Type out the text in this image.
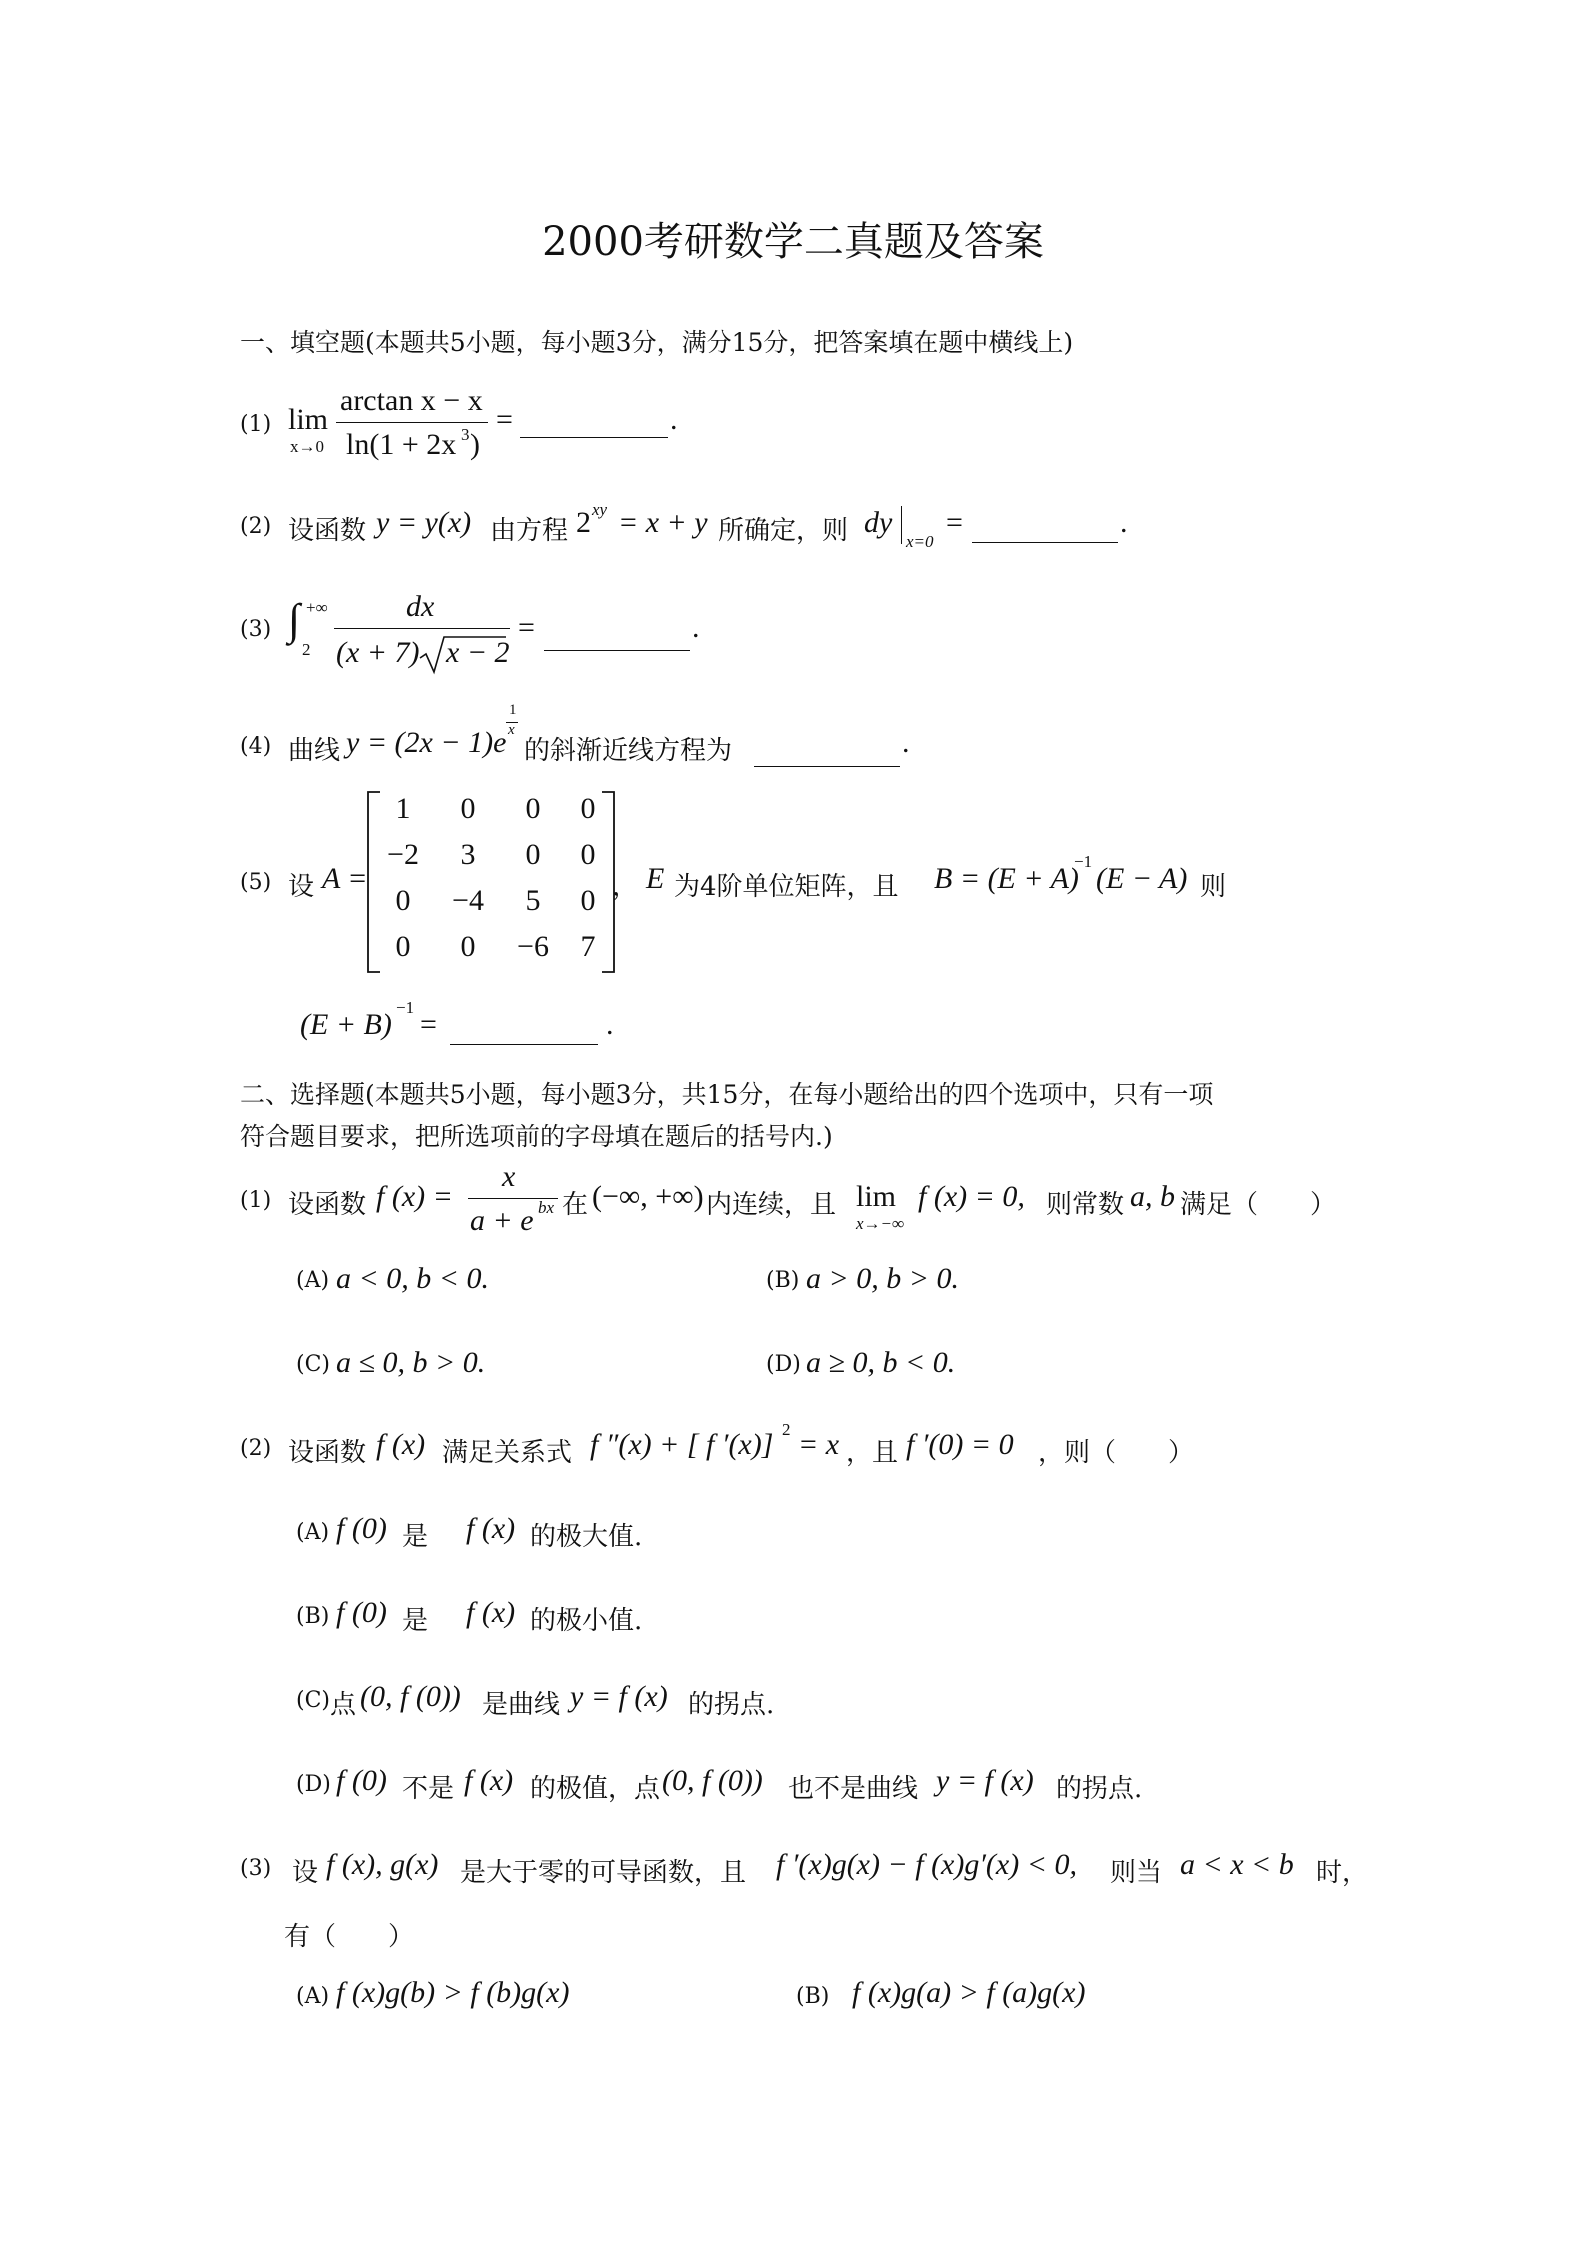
2000考研数学二真题及答案
一、填空题(本题共5小题，每小题3分，满分15分，把答案填在题中横线上)
(1) lim
x→0
arctan x − x
ln(1 + 2x 3 )
=	.
(2) 设函数 y = y(x) 由方程 2 xy = x + y 所确定，则 dy
x=0
=	.
(3) ∫ +∞
2
dx
(x + 7) x − 2
=	.
(4) 曲线 y = (2x − 1)e
1
x
的斜渐近线方程为	.
(5) 设 A =
1	0	0	0
−2	3	0	0
0	−4	5	0
0	0	−6	7
， E 为4阶单位矩阵，且 B = (E + A)
−1
(E − A) 则
(E + B)
−1
=	.
二、选择题(本题共5小题，每小题3分，共15分，在每小题给出的四个选项中，只有一项
符合题目要求，把所选项前的字母填在题后的括号内.)
(1) 设函数 f (x) =
x
a + e bx 在 (−∞, +∞) 内连续，且 lim
x→−∞
f (x) = 0, 则常数 a, b 满足（　　）
(A) a < 0, b < 0.	(B) a > 0, b > 0.
(C) a ≤ 0, b > 0.	(D) a ≥ 0, b < 0.
(2) 设函数 f (x) 满足关系式 f ″(x) + [ f ′(x)] 2 = x ，且 f ′(0) = 0 ，则（　　）
(A) f (0) 是 f (x) 的极大值.
(B) f (0) 是 f (x) 的极小值.
(C) 点 (0, f (0)) 是曲线 y = f (x) 的拐点.
(D) f (0) 不是 f (x) 的极值，点 (0, f (0)) 也不是曲线 y = f (x) 的拐点.
(3) 设 f (x), g(x) 是大于零的可导函数，且 f ′(x)g(x) − f (x)g′(x) < 0, 则当 a < x < b 时，
有（　　）
(A) f (x)g(b) > f (b)g(x)	(B) f (x)g(a) > f (a)g(x)
